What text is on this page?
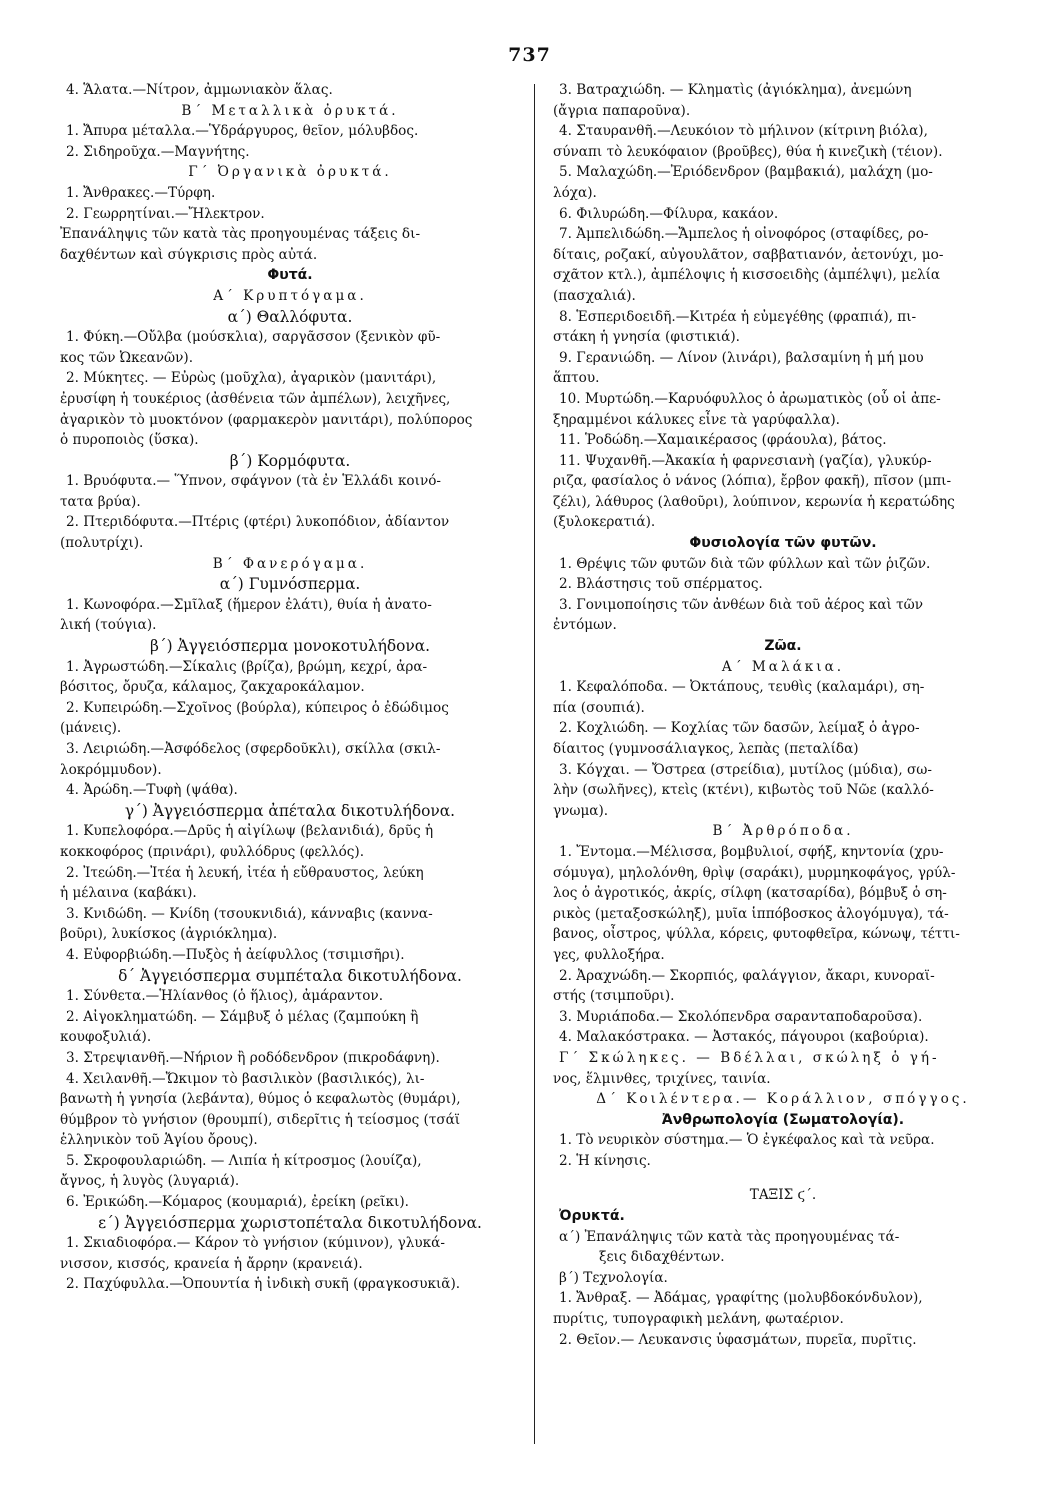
737
4. Ἅλατα.—Νίτρον, ἀμμωνιακὸν ἅλας.
Β΄ Μεταλλικὰ ὀρυκτά.
1. Ἄπυρα μέταλλα.—Ὑδράργυρος, θεῖον, μόλυβδος.
2. Σιδηροῦχα.—Μαγνήτης.
Γ΄ Ὀργανικὰ ὀρυκτά.
1. Ἄνθρακες.—Τύρφη.
2. Γεωρρητίναι.—Ἤλεκτρον.
Ἐπανάληψις τῶν κατὰ τὰς προηγουμένας τάξεις δι-
δαχθέντων καὶ σύγκρισις πρὸς αὐτά.
Φυτά.
Α΄ Κρυπτόγαμα.
α΄) Θαλλόφυτα.
1. Φύκη.—Οὔλβα (μούσκλια), σαργᾶσσον (ξενικὸν φῦ-
κος τῶν Ὠκεανῶν).
2. Μύκητες. — Εὐρὼς (μοῦχλα), ἀγαρικὸν (μανιτάρι),
ἐρυσίφη ἡ τουκέριος (ἀσθένεια τῶν ἀμπέλων), λειχῆνες,
ἀγαρικὸν τὸ μυοκτόνον (φαρμακερὸν μανιτάρι), πολύπορος
ὁ πυροποιὸς (ὕσκα).
β΄) Κορμόφυτα.
1. Βρυόφυτα.— Ὕπνον, σφάγνον (τὰ ἐν Ἑλλάδι κοινό-
τατα βρύα).
2. Πτεριδόφυτα.—Πτέρις (φτέρι) λυκοπόδιον, ἀδίαντον
(πολυτρίχι).
Β΄ Φανερόγαμα.
α΄) Γυμνόσπερμα.
1. Κωνοφόρα.—Σμῖλαξ (ἥμερον ἐλάτι), θυία ἡ ἀνατο-
λική (τούγια).
β΄) Ἀγγειόσπερμα μονοκοτυλήδονα.
1. Ἀγρωστώδη.—Σίκαλις (βρίζα), βρώμη, κεχρί, ἀρα-
βόσιτος, ὄρυζα, κάλαμος, ζακχαροκάλαμον.
2. Κυπειρώδη.—Σχοῖνος (βούρλα), κύπειρος ὁ ἐδώδιμος
(μάνεις).
3. Λειριώδη.—Ἀσφόδελος (σφερδοῦκλι), σκίλλα (σκιλ-
λοκρόμμυδον).
4. Ἀρώδη.—Τυφὴ (ψάθα).
γ΄) Ἀγγειόσπερμα ἀπέταλα δικοτυλήδονα.
1. Κυπελοφόρα.—Δρῦς ἡ αἰγίλωψ (βελανιδιά), δρῦς ἡ
κοκκοφόρος (πρινάρι), φυλλόδρυς (φελλός).
2. Ἰτεώδη.—Ἰτέα ἡ λευκή, ἰτέα ἡ εὔθραυστος, λεύκη
ἡ μέλαινα (καβάκι).
3. Κνιδώδη. — Κνίδη (τσουκνιδιά), κάνναβις (καννα-
βοῦρι), λυκίσκος (ἀγριόκλημα).
4. Εὐφορβιώδη.—Πυξὸς ἡ ἀείφυλλος (τσιμισῆρι).
δ΄ Ἀγγειόσπερμα συμπέταλα δικοτυλήδονα.
1. Σύνθετα.—Ἡλίανθος (ὁ ἥλιος), ἀμάραντον.
2. Αἰγοκληματώδη. — Σάμβυξ ὁ μέλας (ζαμπούκη ἢ
κουφοξυλιά).
3. Στρεψιανθῆ.—Νήριον ἢ ροδόδενδρον (πικροδάφνη).
4. Χειλανθῆ.—Ὤκιμον τὸ βασιλικὸν (βασιλικός), λι-
βανωτὴ ἡ γνησία (λεβάντα), θύμος ὁ κεφαλωτὸς (θυμάρι),
θύμβρον τὸ γνήσιον (θρουμπί), σιδερῖτις ἡ τείοσμος (τσάϊ
ἑλληνικὸν τοῦ Ἁγίου ὄρους).
5. Σκροφουλαριώδη. — Λιπία ἡ κίτροσμος (λουίζα),
ἄγνος, ἡ λυγὸς (λυγαριά).
6. Ἐρικώδη.—Κόμαρος (κουμαριά), ἐρείκη (ρεῖκι).
ε΄) Ἀγγειόσπερμα χωριστοπέταλα δικοτυλήδονα.
1. Σκιαδιοφόρα.— Κάρον τὸ γνήσιον (κύμινον), γλυκά-
νισσον, κισσός, κρανεία ἡ ἄρρην (κρανειά).
2. Παχύφυλλα.—Ὀπουντία ἡ ἰνδικὴ συκῆ (φραγκοσυκιᾶ).
3. Βατραχιώδη. — Κληματὶς (ἀγιόκλημα), ἀνεμώνη
(ἄγρια παπαροῦνα).
4. Σταυρανθῆ.—Λευκόιον τὸ μήλινον (κίτρινη βιόλα),
σύναπι τὸ λευκόφαιον (βροῦβες), θύα ἡ κινεζικὴ (τέιον).
5. Μαλαχώδη.—Ἐριόδενδρον (βαμβακιά), μαλάχη (μο-
λόχα).
6. Φιλυρώδη.—Φίλυρα, κακάον.
7. Ἀμπελιδώδη.—Ἄμπελος ἡ οἰνοφόρος (σταφίδες, ρο-
δίταις, ροζακί, αὐγουλᾶτον, σαββατιανόν, ἀετονύχι, μο-
σχᾶτον κτλ.), ἀμπέλοψις ἡ κισσοειδὴς (ἀμπέλψι), μελία
(πασχαλιά).
8. Ἑσπεριδοειδῆ.—Κιτρέα ἡ εὐμεγέθης (φραπιά), πι-
στάκη ἡ γνησία (φιστικιά).
9. Γερανιώδη. — Λίνον (λινάρι), βαλσαμίνη ἡ μή μου
ἅπτου.
10. Μυρτώδη.—Καρυόφυλλος ὁ ἀρωματικὸς (οὗ οἱ ἀπε-
ξηραμμένοι κάλυκες εἶνε τὰ γαρύφαλλα).
11. Ῥοδώδη.—Χαμαικέρασος (φράουλα), βάτος.
11. Ψυχανθῆ.—Ἀκακία ἡ φαρνεσιανὴ (γαζία), γλυκύρ-
ριζα, φασίαλος ὁ νάνος (λόπια), ἔρβον φακῆ), πῖσον (μπι-
ζέλι), λάθυρος (λαθοῦρι), λούπινον, κερωνία ἡ κερατώδης
(ξυλοκερατιά).
Φυσιολογία τῶν φυτῶν.
1. Θρέψις τῶν φυτῶν διὰ τῶν φύλλων καὶ τῶν ῥιζῶν.
2. Βλάστησις τοῦ σπέρματος.
3. Γονιμοποίησις τῶν ἀνθέων διὰ τοῦ ἀέρος καὶ τῶν
ἐντόμων.
Ζῶα.
Α΄ Μαλάκια.
1. Κεφαλόποδα. — Ὀκτάπους, τευθὶς (καλαμάρι), ση-
πία (σουπιά).
2. Κοχλιώδη. — Κοχλίας τῶν δασῶν, λείμαξ ὁ ἀγρο-
δίαιτος (γυμνοσάλιαγκος, λεπὰς (πεταλίδα)
3. Κόγχαι. — Ὄστρεα (στρείδια), μυτίλος (μύδια), σω-
λὴν (σωλῆνες), κτεὶς (κτένι), κιβωτὸς τοῦ Νῶε (καλλό-
γνωμα).
Β΄ Ἀρθρόποδα.
1. Ἔντομα.—Μέλισσα, βομβυλιοί, σφήξ, κηντονία (χρυ-
σόμυγα), μηλολόνθη, θρὶψ (σαράκι), μυρμηκοφάγος, γρύλ-
λος ὁ ἀγροτικός, ἀκρίς, σίλφη (κατσαρίδα), βόμβυξ ὁ ση-
ρικὸς (μεταξοσκώληξ), μυῖα ἱππόβοσκος ἀλογόμυγα), τά-
βανος, οἶστρος, ψύλλα, κόρεις, φυτοφθεῖρα, κώνωψ, τέττι-
γες, φυλλοξήρα.
2. Ἀραχνώδη.— Σκορπιός, φαλάγγιον, ἄκαρι, κυνοραϊ-
στής (τσιμποῦρι).
3. Μυριάποδα.— Σκολόπενδρα σαρανταποδαροῦσα).
4. Μαλακόστρακα. — Ἀστακός, πάγουροι (καβούρια).
Γ΄ Σκώληκες. — Βδέλλαι, σκώληξ ὁ γή-
νος, ἕλμινθες, τριχίνες, ταινία.
Δ΄ Κοιλέντερα.— Κοράλλιον, σπόγγος.
Ἀνθρωπολογία (Σωματολογία).
1. Τὸ νευρικὸν σύστημα.— Ὁ ἐγκέφαλος καὶ τὰ νεῦρα.
2. Ἡ κίνησις.
ΤΑΞΙΣ ϛ΄.
Ὀρυκτά.
α΄) Ἐπανάληψις τῶν κατὰ τὰς προηγουμένας τά-
ξεις διδαχθέντων.
β΄) Τεχνολογία.
1. Ἄνθραξ. — Ἀδάμας, γραφίτης (μολυβδοκόνδυλον),
πυρίτις, τυπογραφικὴ μελάνη, φωταέριον.
2. Θεῖον.— Λευκανσις ὑφασμάτων, πυρεῖα, πυρῖτις.
